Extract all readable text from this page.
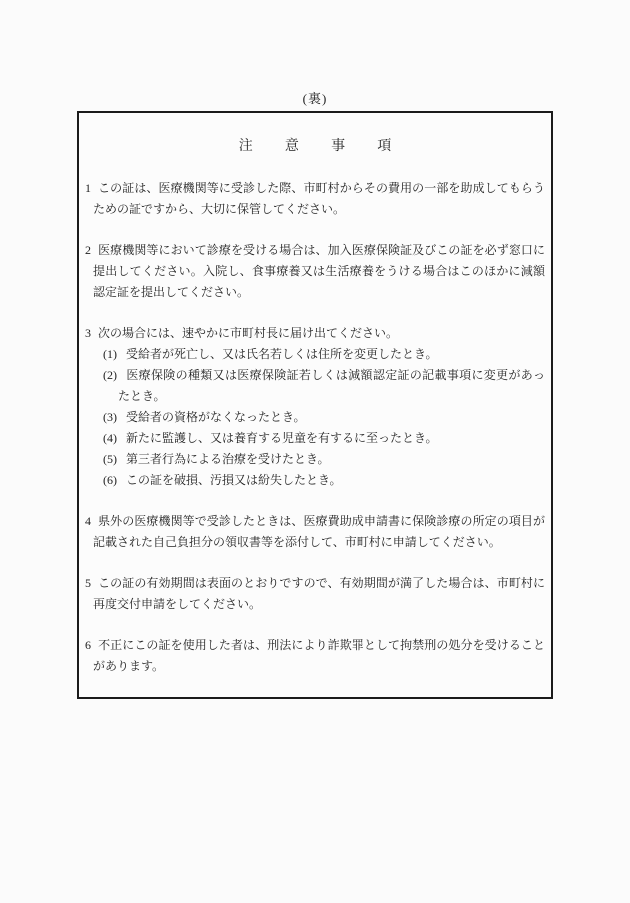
(裏)
注意事項
1 この証は、医療機関等に受診した際、市町村からその費用の一部を助成してもらうための証ですから、大切に保管してください。
2 医療機関等において診療を受ける場合は、加入医療保険証及びこの証を必ず窓口に提出してください。入院し、食事療養又は生活療養をうける場合はこのほかに減額認定証を提出してください。
3 次の場合には、速やかに市町村長に届け出てください。
(1) 受給者が死亡し、又は氏名若しくは住所を変更したとき。
(2) 医療保険の種類又は医療保険証若しくは減額認定証の記載事項に変更があったとき。
(3) 受給者の資格がなくなったとき。
(4) 新たに監護し、又は養育する児童を有するに至ったとき。
(5) 第三者行為による治療を受けたとき。
(6) この証を破損、汚損又は紛失したとき。
4 県外の医療機関等で受診したときは、医療費助成申請書に保険診療の所定の項目が記載された自己負担分の領収書等を添付して、市町村に申請してください。
5 この証の有効期間は表面のとおりですので、有効期間が満了した場合は、市町村に再度交付申請をしてください。
6 不正にこの証を使用した者は、刑法により詐欺罪として拘禁刑の処分を受けることがあります。
